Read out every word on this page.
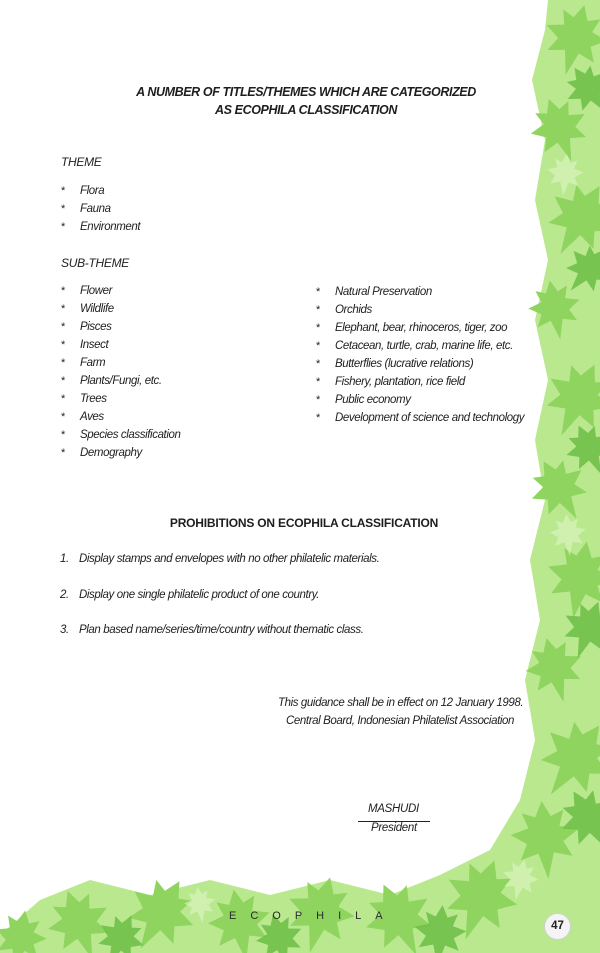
A NUMBER OF TITLES/THEMES WHICH ARE CATEGORIZED
AS ECOPHILA CLASSIFICATION
THEME
* Flora
* Fauna
* Environment
SUB-THEME
* Flower
* Wildlife
* Pisces
* Insect
* Farm
* Plants/Fungi, etc.
* Trees
* Aves
* Species classification
* Demography
* Natural Preservation
* Orchids
* Elephant, bear, rhinoceros, tiger, zoo
* Cetacean, turtle, crab, marine life, etc.
* Butterflies (lucrative relations)
* Fishery, plantation, rice field
* Public economy
* Development of science and technology
PROHIBITIONS ON ECOPHILA CLASSIFICATION
1. Display stamps and envelopes with no other philatelic materials.
2. Display one single philatelic product of one country.
3. Plan based name/series/time/country without thematic class.
This guidance shall be in effect on 12 January 1998.
Central Board, Indonesian Philatelist Association
MASHUDI
President
ECOPHILA
47
